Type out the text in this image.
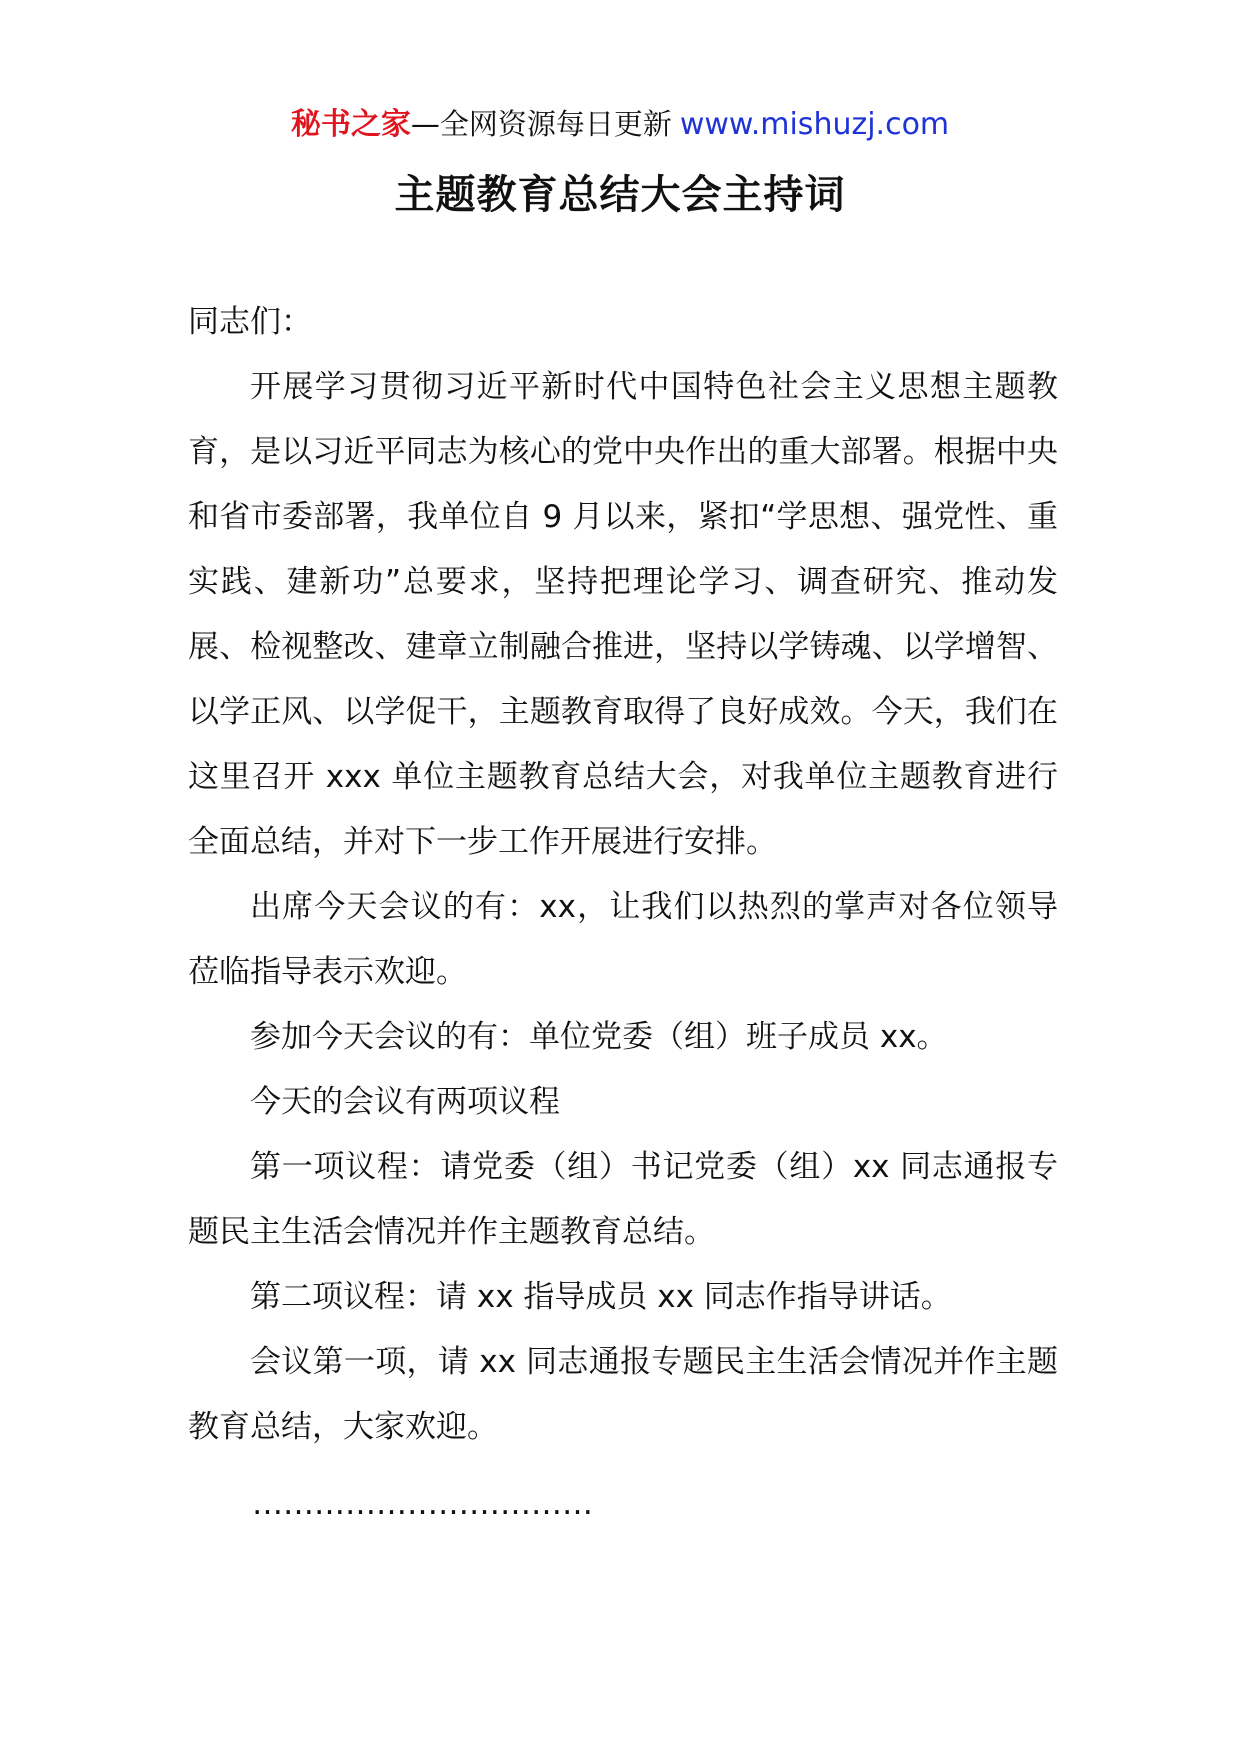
秘书之家—全网资源每日更新 www.mishuzj.com
主题教育总结大会主持词

同志们：

开展学习贯彻习近平新时代中国特色社会主义思想主题教育，是以习近平同志为核心的党中央作出的重大部署。根据中央和省市委部署，我单位自 9 月以来，紧扣“学思想、强党性、重实践、建新功”总要求，坚持把理论学习、调查研究、推动发展、检视整改、建章立制融合推进，坚持以学铸魂、以学增智、以学正风、以学促干，主题教育取得了良好成效。今天，我们在这里召开 xxx 单位主题教育总结大会，对我单位主题教育进行全面总结，并对下一步工作开展进行安排。

出席今天会议的有：xx，让我们以热烈的掌声对各位领导莅临指导表示欢迎。

参加今天会议的有：单位党委（组）班子成员 xx。

今天的会议有两项议程

第一项议程：请党委（组）书记党委（组）xx 同志通报专题民主生活会情况并作主题教育总结。

第二项议程：请 xx 指导成员 xx 同志作指导讲话。

会议第一项，请 xx 同志通报专题民主生活会情况并作主题教育总结，大家欢迎。

……………………………
